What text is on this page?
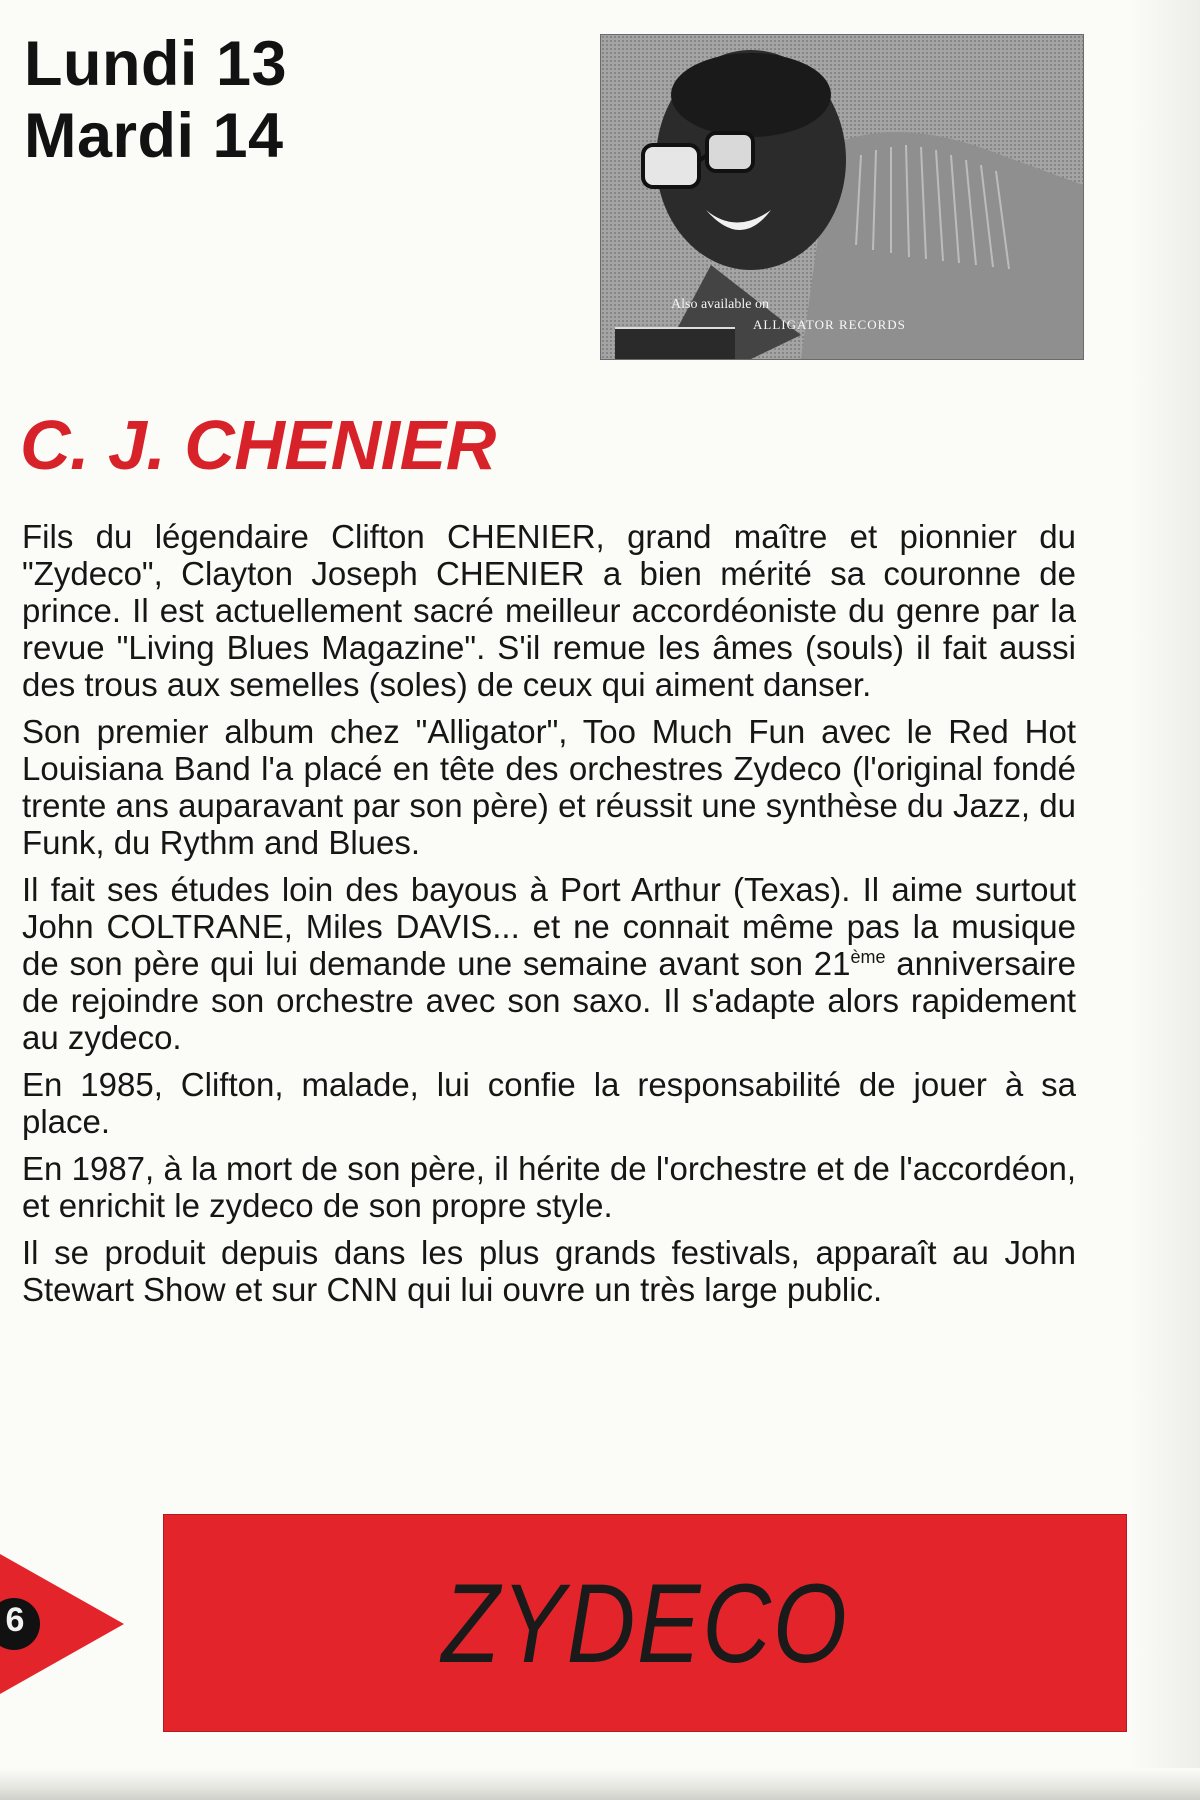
Lundi 13
Mardi 14
Also available on
ALLIGATOR RECORDS
C. J. CHENIER

Fils du légendaire Clifton CHENIER, grand maître et pionnier du "Zydeco", Clayton Joseph CHENIER a bien mérité sa couronne de prince. Il est actuellement sacré meilleur accordéoniste du genre par la revue "Living Blues Magazine". S'il remue les âmes (souls) il fait aussi des trous aux semelles (soles) de ceux qui aiment danser.

Son premier album chez "Alligator", Too Much Fun avec le Red Hot Louisiana Band l'a placé en tête des orchestres Zydeco (l'original fondé trente ans auparavant par son père) et réussit une synthèse du Jazz, du Funk, du Rythm and Blues.

Il fait ses études loin des bayous à Port Arthur (Texas). Il aime surtout John COLTRANE, Miles DAVIS... et ne connait même pas la musique de son père qui lui demande une semaine avant son 21ème anniversaire de rejoindre son orchestre avec son saxo. Il s'adapte alors rapidement au zydeco.

En 1985, Clifton, malade, lui confie la responsabilité de jouer à sa place.

En 1987, à la mort de son père, il hérite de l'orchestre et de l'accordéon, et enrichit le zydeco de son propre style.

Il se produit depuis dans les plus grands festivals, apparaît au John Stewart Show et sur CNN qui lui ouvre un très large public.

6	ZYDECO
